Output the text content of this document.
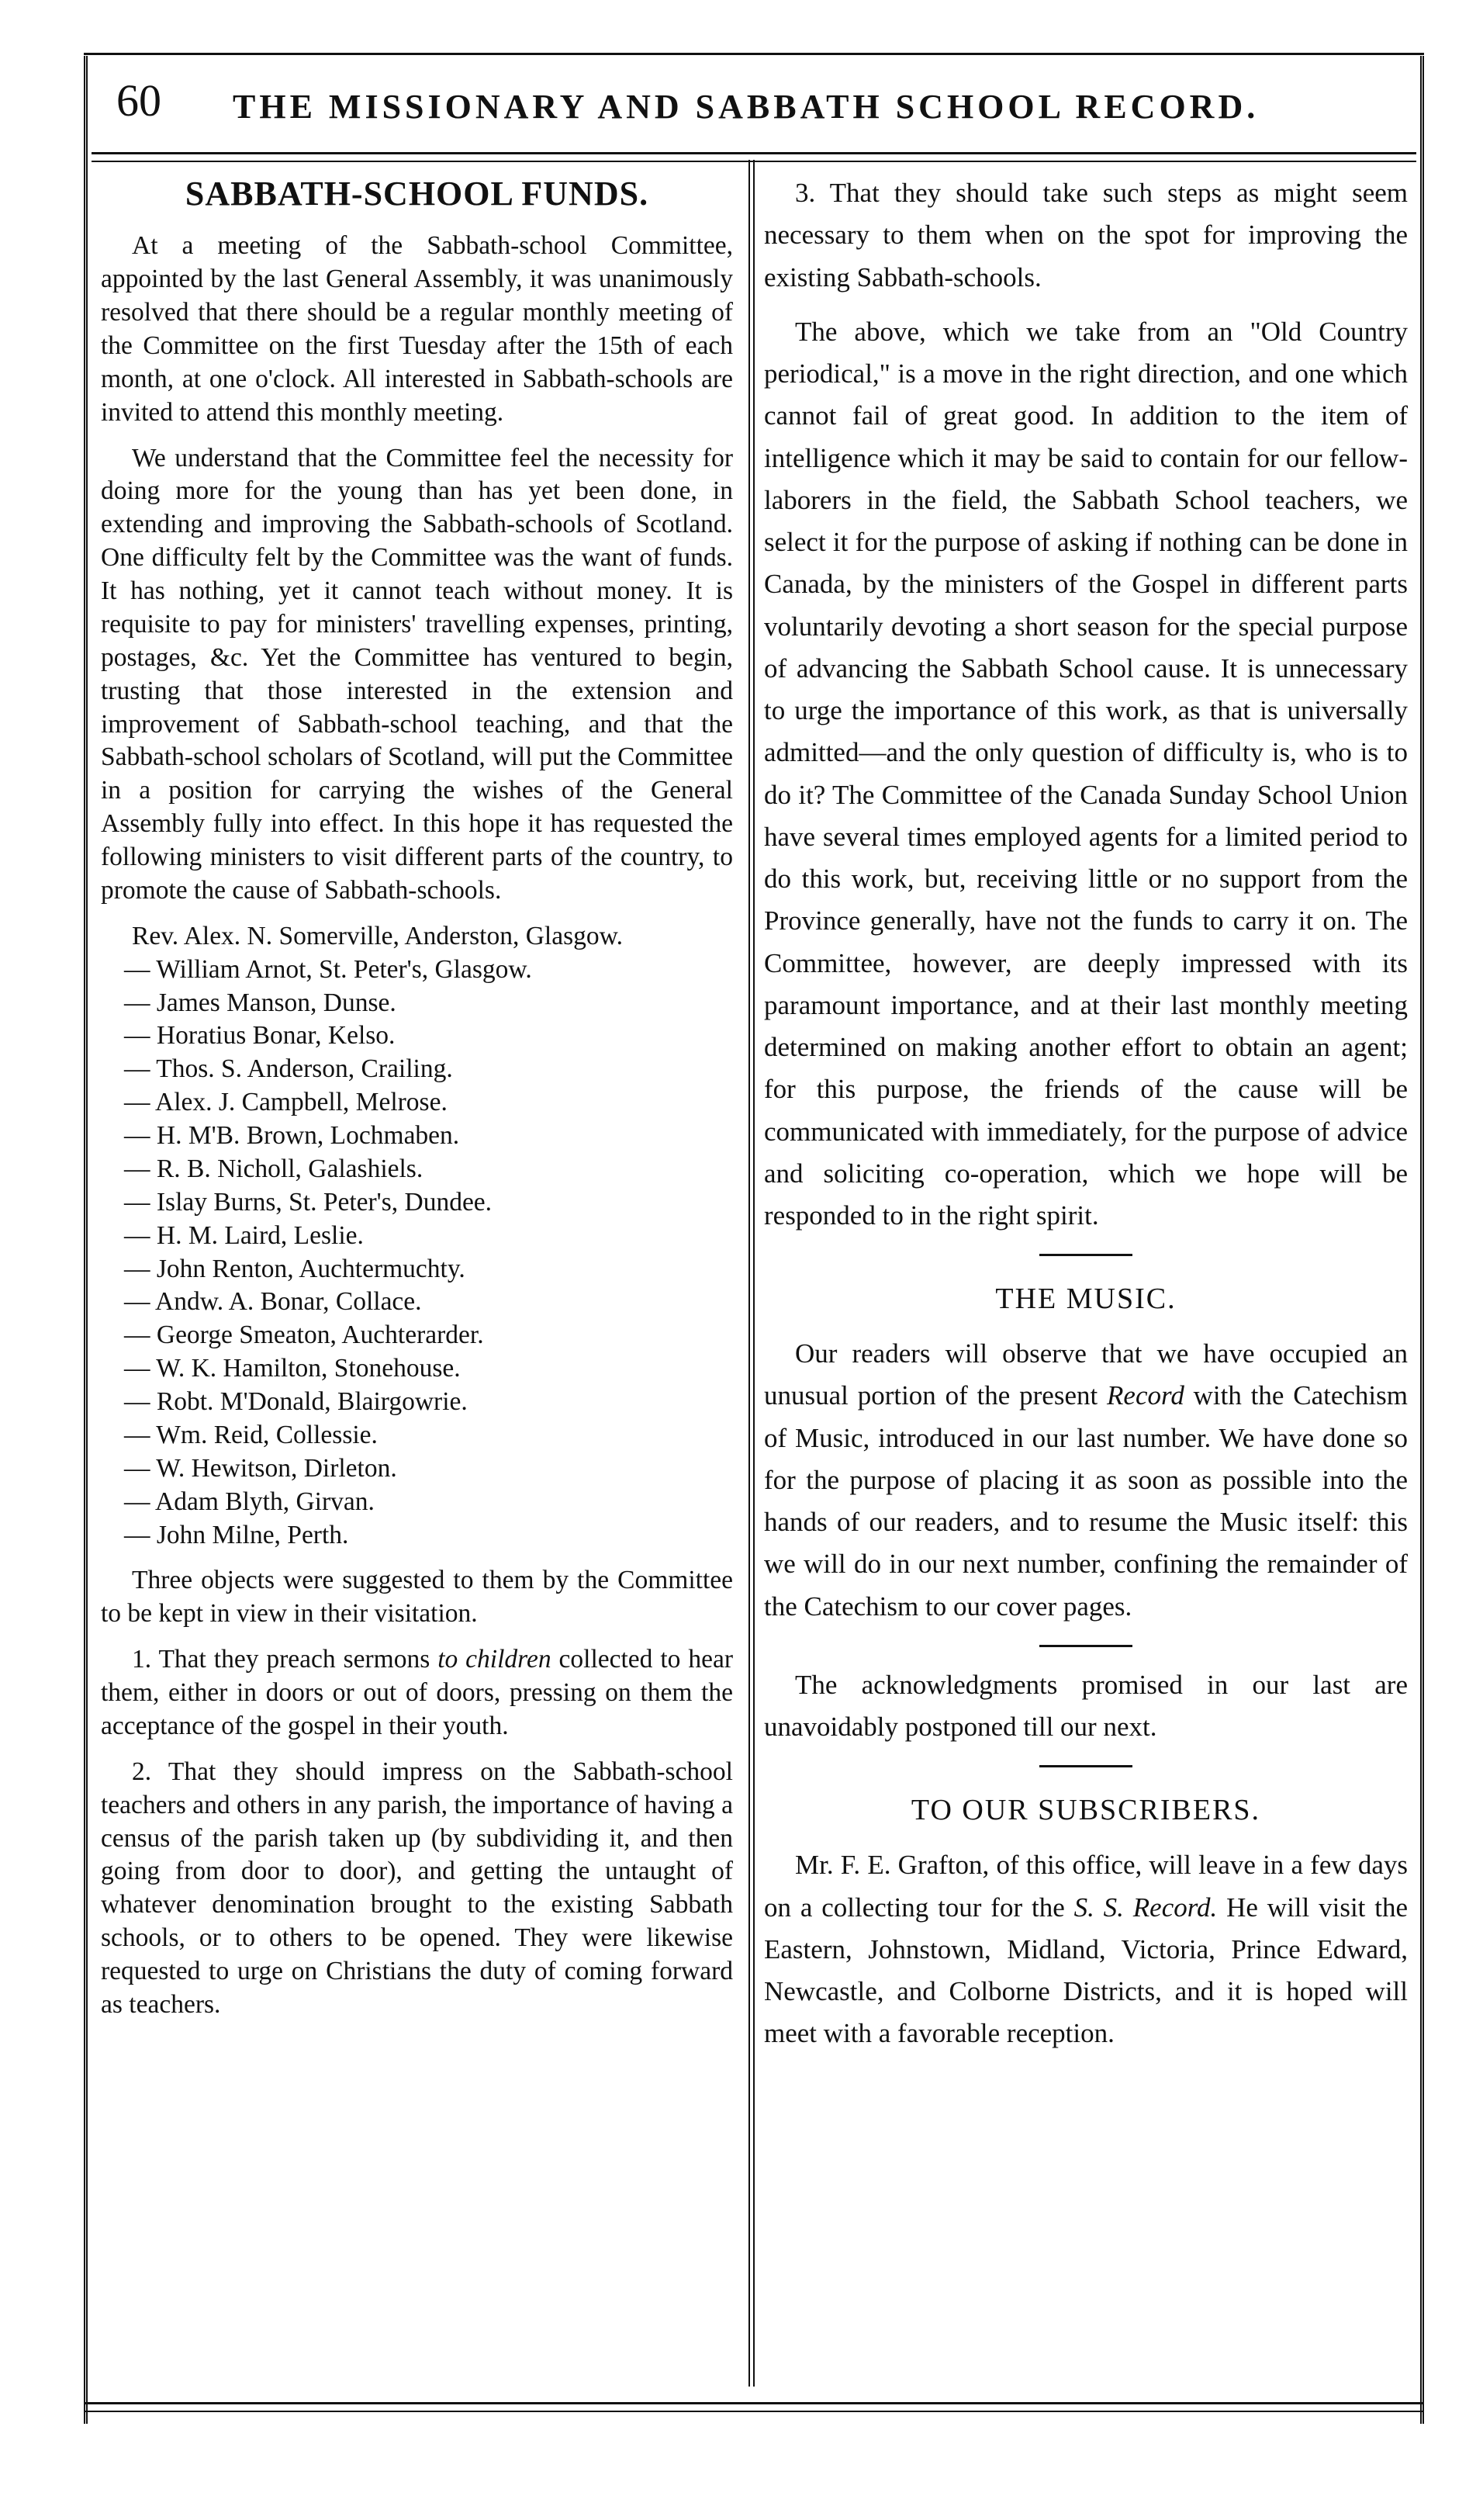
60 THE MISSIONARY AND SABBATH SCHOOL RECORD.
SABBATH-SCHOOL FUNDS.

At a meeting of the Sabbath-school Committee, appointed by the last General Assembly, it was unanimously resolved that there should be a regular monthly meeting of the Committee on the first Tuesday after the 15th of each month, at one o'clock. All interested in Sabbath-schools are invited to attend this monthly meeting.

We understand that the Committee feel the necessity for doing more for the young than has yet been done, in extending and improving the Sabbath-schools of Scotland. One difficulty felt by the Committee was the want of funds. It has nothing, yet it cannot teach without money. It is requisite to pay for ministers' travelling expenses, printing, postages, &c. Yet the Committee has ventured to begin, trusting that those interested in the extension and improvement of Sabbath-school teaching, and that the Sabbath-school scholars of Scotland, will put the Committee in a position for carrying the wishes of the General Assembly fully into effect. In this hope it has requested the following ministers to visit different parts of the country, to promote the cause of Sabbath-schools.

Rev. Alex. N. Somerville, Anderston, Glasgow.
— William Arnot, St. Peter's, Glasgow.
— James Manson, Dunse.
— Horatius Bonar, Kelso.
— Thos. S. Anderson, Crailing.
— Alex. J. Campbell, Melrose.
— H. M'B. Brown, Lochmaben.
— R. B. Nicholl, Galashiels.
— Islay Burns, St. Peter's, Dundee.
— H. M. Laird, Leslie.
— John Renton, Auchtermuchty.
— Andw. A. Bonar, Collace.
— George Smeaton, Auchterarder.
— W. K. Hamilton, Stonehouse.
— Robt. M'Donald, Blairgowrie.
— Wm. Reid, Collessie.
— W. Hewitson, Dirleton.
— Adam Blyth, Girvan.
— John Milne, Perth.

Three objects were suggested to them by the Committee to be kept in view in their visitation.

1. That they preach sermons to children collected to hear them, either in doors or out of doors, pressing on them the acceptance of the gospel in their youth.

2. That they should impress on the Sabbath-school teachers and others in any parish, the importance of having a census of the parish taken up (by subdividing it, and then going from door to door), and getting the untaught of whatever denomination brought to the existing Sabbath schools, or to others to be opened. They were likewise requested to urge on Christians the duty of coming forward as teachers.

3. That they should take such steps as might seem necessary to them when on the spot for improving the existing Sabbath-schools.

The above, which we take from an "Old Country periodical," is a move in the right direction, and one which cannot fail of great good. In addition to the item of intelligence which it may be said to contain for our fellow-laborers in the field, the Sabbath School teachers, we select it for the purpose of asking if nothing can be done in Canada, by the ministers of the Gospel in different parts voluntarily devoting a short season for the special purpose of advancing the Sabbath School cause. It is unnecessary to urge the importance of this work, as that is universally admitted—and the only question of difficulty is, who is to do it? The Committee of the Canada Sunday School Union have several times employed agents for a limited period to do this work, but, receiving little or no support from the Province generally, have not the funds to carry it on. The Committee, however, are deeply impressed with its paramount importance, and at their last monthly meeting determined on making another effort to obtain an agent; for this purpose, the friends of the cause will be communicated with immediately, for the purpose of advice and soliciting co-operation, which we hope will be responded to in the right spirit.

THE MUSIC.

Our readers will observe that we have occupied an unusual portion of the present Record with the Catechism of Music, introduced in our last number. We have done so for the purpose of placing it as soon as possible into the hands of our readers, and to resume the Music itself: this we will do in our next number, confining the remainder of the Catechism to our cover pages.

The acknowledgments promised in our last are unavoidably postponed till our next.

TO OUR SUBSCRIBERS.

Mr. F. E. Grafton, of this office, will leave in a few days on a collecting tour for the S. S. Record. He will visit the Eastern, Johnstown, Midland, Victoria, Prince Edward, Newcastle, and Colborne Districts, and it is hoped will meet with a favorable reception.
